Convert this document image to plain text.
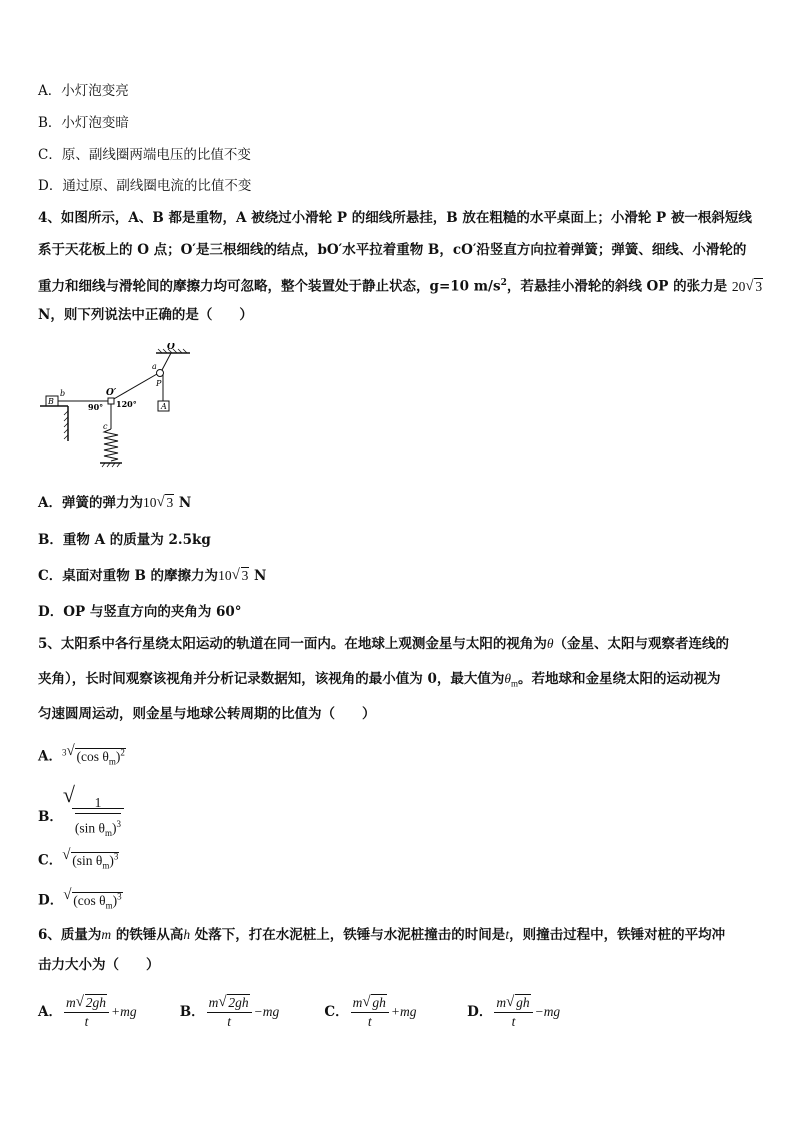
A．小灯泡变亮
B．小灯泡变暗
C．原、副线圈两端电压的比值不变
D．通过原、副线圈电流的比值不变
4、如图所示，A、B 都是重物，A 被绕过小滑轮 P 的细线所悬挂，B 放在粗糙的水平桌面上；小滑轮 P 被一根斜短线
系于天花板上的 O 点；O′是三根细线的结点，bO′水平拉着重物 B，cO′沿竖直方向拉着弹簧；弹簧、细线、小滑轮的
重力和细线与滑轮间的摩擦力均可忽略，整个装置处于静止状态，g=10 $m/s^2$，若悬挂小滑轮的斜线 OP 的张力是 20 √ 3
N，则下列说法中正确的是（　　）
O
a
P
A
O′
90° 120°
b
B
c
A．弹簧的弹力为10 √ 3 N
B．重物 A 的质量为 2.5kg
C．桌面对重物 B 的摩擦力为10 √ 3 N
D．OP 与竖直方向的夹角为 60°
5、太阳系中各行星绕太阳运动的轨道在同一面内。在地球上观测金星与太阳的视角为θ（金星、太阳与观察者连线的
夹角），长时间观察该视角并分析记录数据知，该视角的最小值为 0，最大值为$\theta_m$。若地球和金星绕太阳的运动视为
匀速圆周运动，则金星与地球公转周期的比值为（　　）
A．$^3$ √ (cos $\theta_m)^2$
B．
√ $\frac{1}{(\sin \theta_m)^3}$
C． √ (sin $\theta_m)^3$
D． √ (cos $\theta_m)^3$
6、质量为m 的铁锤从高h 处落下，打在水泥桩上，铁锤与水泥桩撞击的时间是t，则撞击过程中，铁锤对桩的平均冲
击力大小为（　　）
A． $\frac{m √ 2gh}{t} +mg$	B． $\frac{m √ 2gh}{t} -mg$	C． $\frac{m √ gh}{t} +mg$	D． $\frac{m √ gh}{t} -mg$
